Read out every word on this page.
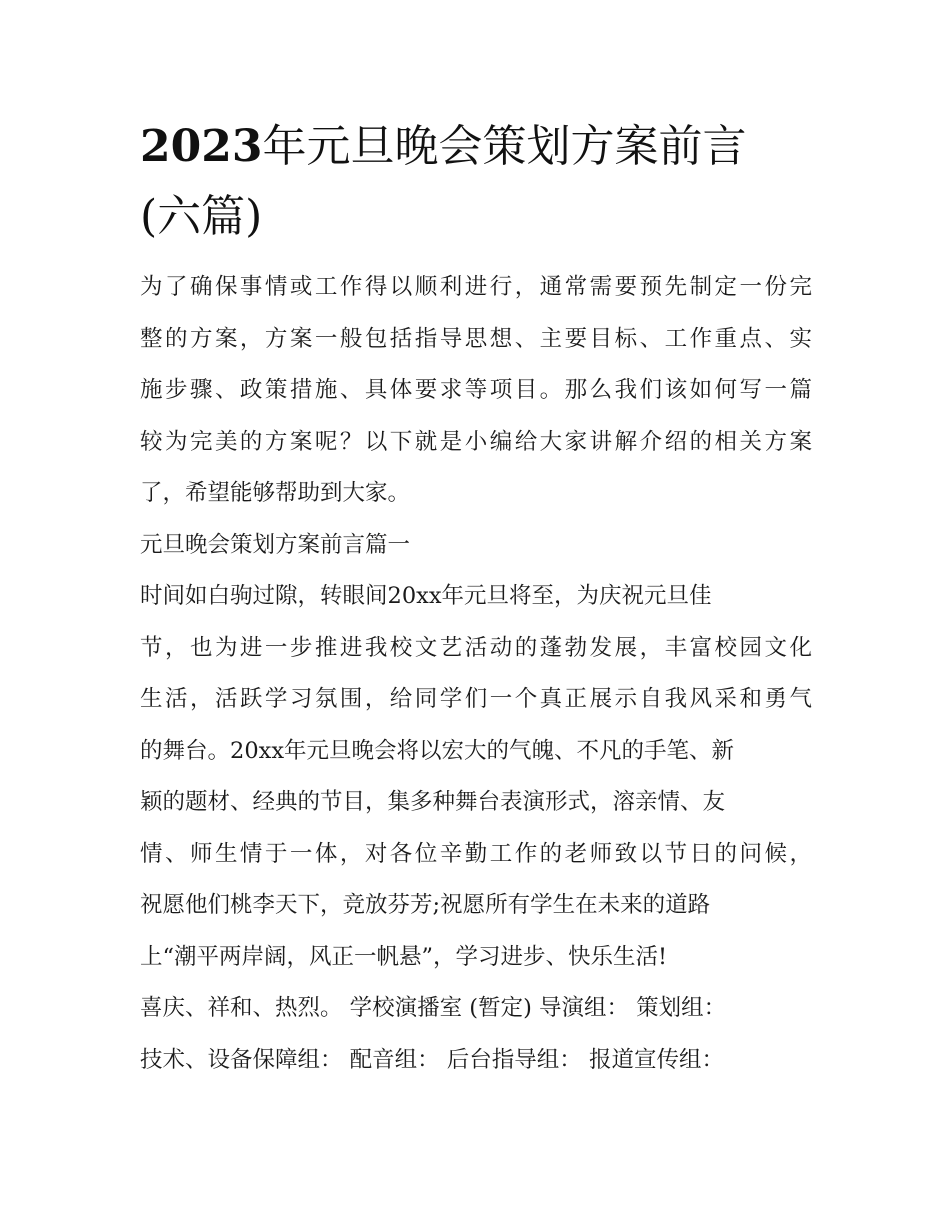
2023年元旦晚会策划方案前言
(六篇)
为了确保事情或工作得以顺利进行，通常需要预先制定一份完
整的方案，方案一般包括指导思想、主要目标、工作重点、实
施步骤、政策措施、具体要求等项目。那么我们该如何写一篇
较为完美的方案呢？以下就是小编给大家讲解介绍的相关方案
了，希望能够帮助到大家。
元旦晚会策划方案前言篇一
时间如白驹过隙，转眼间20xx年元旦将至，为庆祝元旦佳
节，也为进一步推进我校文艺活动的蓬勃发展，丰富校园文化
生活，活跃学习氛围，给同学们一个真正展示自我风采和勇气
的舞台。20xx年元旦晚会将以宏大的气魄、不凡的手笔、新
颖的题材、经典的节目，集多种舞台表演形式，溶亲情、友
情、师生情于一体，对各位辛勤工作的老师致以节日的问候，
祝愿他们桃李天下，竞放芬芳;祝愿所有学生在未来的道路
上“潮平两岸阔，风正一帆悬”，学习进步、快乐生活!
喜庆、祥和、热烈。 学校演播室 (暂定) 导演组： 策划组：
技术、设备保障组： 配音组： 后台指导组： 报道宣传组：
